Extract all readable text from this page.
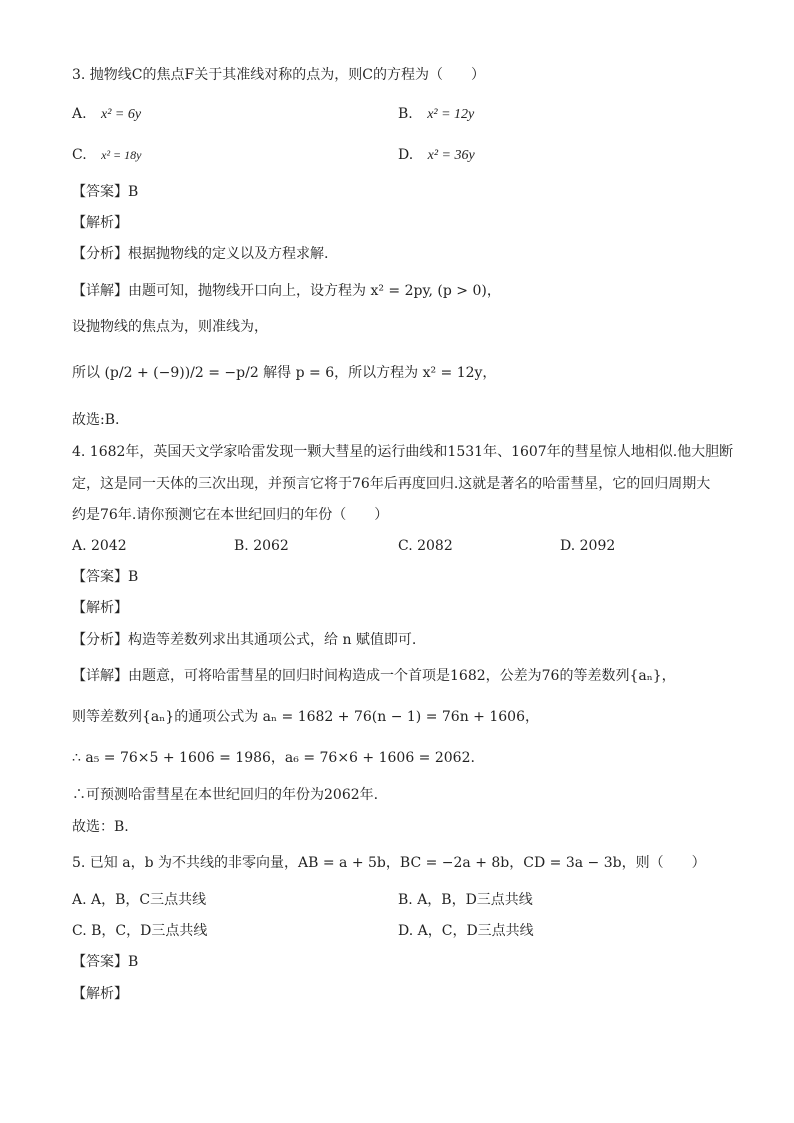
3. 抛物线C的焦点F关于其准线对称的点为，则C的方程为（　　）
A. x² = 6y	B. x² = 12y
C. x² = 18y	D. x² = 36y
【答案】B
【解析】
【分析】根据抛物线的定义以及方程求解.
【详解】由题可知，抛物线开口向上，设方程为 x² = 2py, (p > 0)，
设抛物线的焦点为，则准线为，
所以 (p/2 + (−9))/2 = −p/2 解得 p = 6，所以方程为 x² = 12y，
故选:B.
4. 1682年，英国天文学家哈雷发现一颗大彗星的运行曲线和1531年、1607年的彗星惊人地相似.他大胆断
定，这是同一天体的三次出现，并预言它将于76年后再度回归.这就是著名的哈雷彗星，它的回归周期大
约是76年.请你预测它在本世纪回归的年份（　　）
A. 2042	B. 2062	C. 2082	D. 2092
【答案】B
【解析】
【分析】构造等差数列求出其通项公式，给 n 赋值即可.
【详解】由题意，可将哈雷彗星的回归时间构造成一个首项是1682，公差为76的等差数列{aₙ}，
则等差数列{aₙ}的通项公式为 aₙ = 1682 + 76(n − 1) = 76n + 1606，
∴ a₅ = 76×5 + 1606 = 1986，a₆ = 76×6 + 1606 = 2062.
∴可预测哈雷彗星在本世纪回归的年份为2062年.
故选：B.
5. 已知 a，b 为不共线的非零向量，AB = a + 5b，BC = −2a + 8b，CD = 3a − 3b，则（　　）
A. A，B，C三点共线	B. A，B，D三点共线
C. B，C，D三点共线	D. A，C，D三点共线
【答案】B
【解析】
